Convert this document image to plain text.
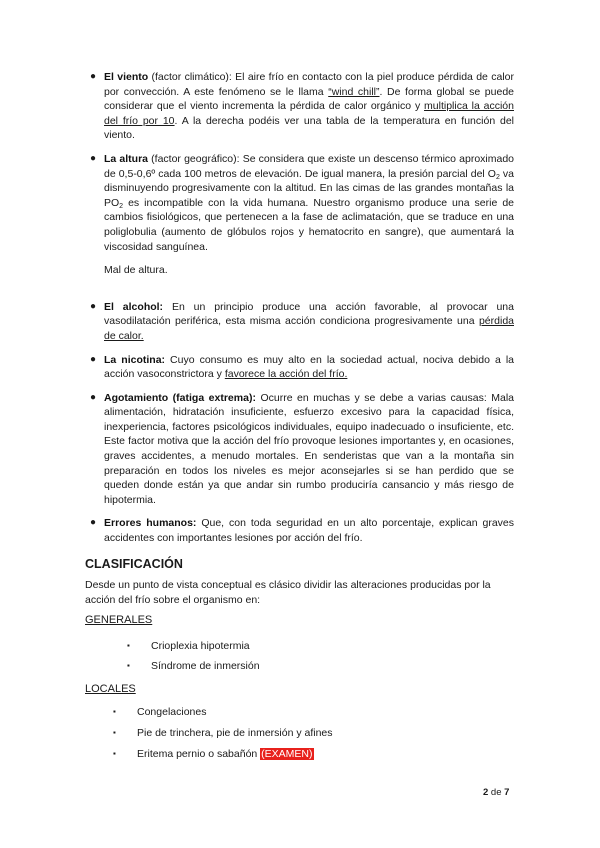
● El viento (factor climático): El aire frío en contacto con la piel produce pérdida de calor por convección. A este fenómeno se le llama “wind chill”. De forma global se puede considerar que el viento incrementa la pérdida de calor orgánico y multiplica la acción del frío por 10. A la derecha podéis ver una tabla de la temperatura en función del viento.

● La altura (factor geográfico): Se considera que existe un descenso térmico aproximado de 0,5-0,6º cada 100 metros de elevación. De igual manera, la presión parcial del $O_2$ va disminuyendo progresivamente con la altitud. En las cimas de las grandes montañas la $PO_2$ es incompatible con la vida humana. Nuestro organismo produce una serie de cambios fisiológicos, que pertenecen a la fase de aclimatación, que se traduce en una poliglobulia (aumento de glóbulos rojos y hematocrito en sangre), que aumentará la viscosidad sanguínea.

Mal de altura.

● El alcohol: En un principio produce una acción favorable, al provocar una vasodilatación periférica, esta misma acción condiciona progresivamente una pérdida de calor.

● La nicotina: Cuyo consumo es muy alto en la sociedad actual, nociva debido a la acción vasoconstrictora y favorece la acción del frío.

● Agotamiento (fatiga extrema): Ocurre en muchas y se debe a varias causas: Mala alimentación, hidratación insuficiente, esfuerzo excesivo para la capacidad física, inexperiencia, factores psicológicos individuales, equipo inadecuado o insuficiente, etc. Este factor motiva que la acción del frío provoque lesiones importantes y, en ocasiones, graves accidentes, a menudo mortales. En senderistas que van a la montaña sin preparación en todos los niveles es mejor aconsejarles si se han perdido que se queden donde están ya que andar sin rumbo produciría cansancio y más riesgo de hipotermia.

● Errores humanos: Que, con toda seguridad en un alto porcentaje, explican graves accidentes con importantes lesiones por acción del frío.

CLASIFICACIÓN

Desde un punto de vista conceptual es clásico dividir las alteraciones producidas por la acción del frío sobre el organismo en:

GENERALES

▪ Crioplexia hipotermia

▪ Síndrome de inmersión

LOCALES

▪ Congelaciones

▪ Pie de trinchera, pie de inmersión y afines

▪ Eritema pernio o sabañón (EXAMEN)

2 de 7
